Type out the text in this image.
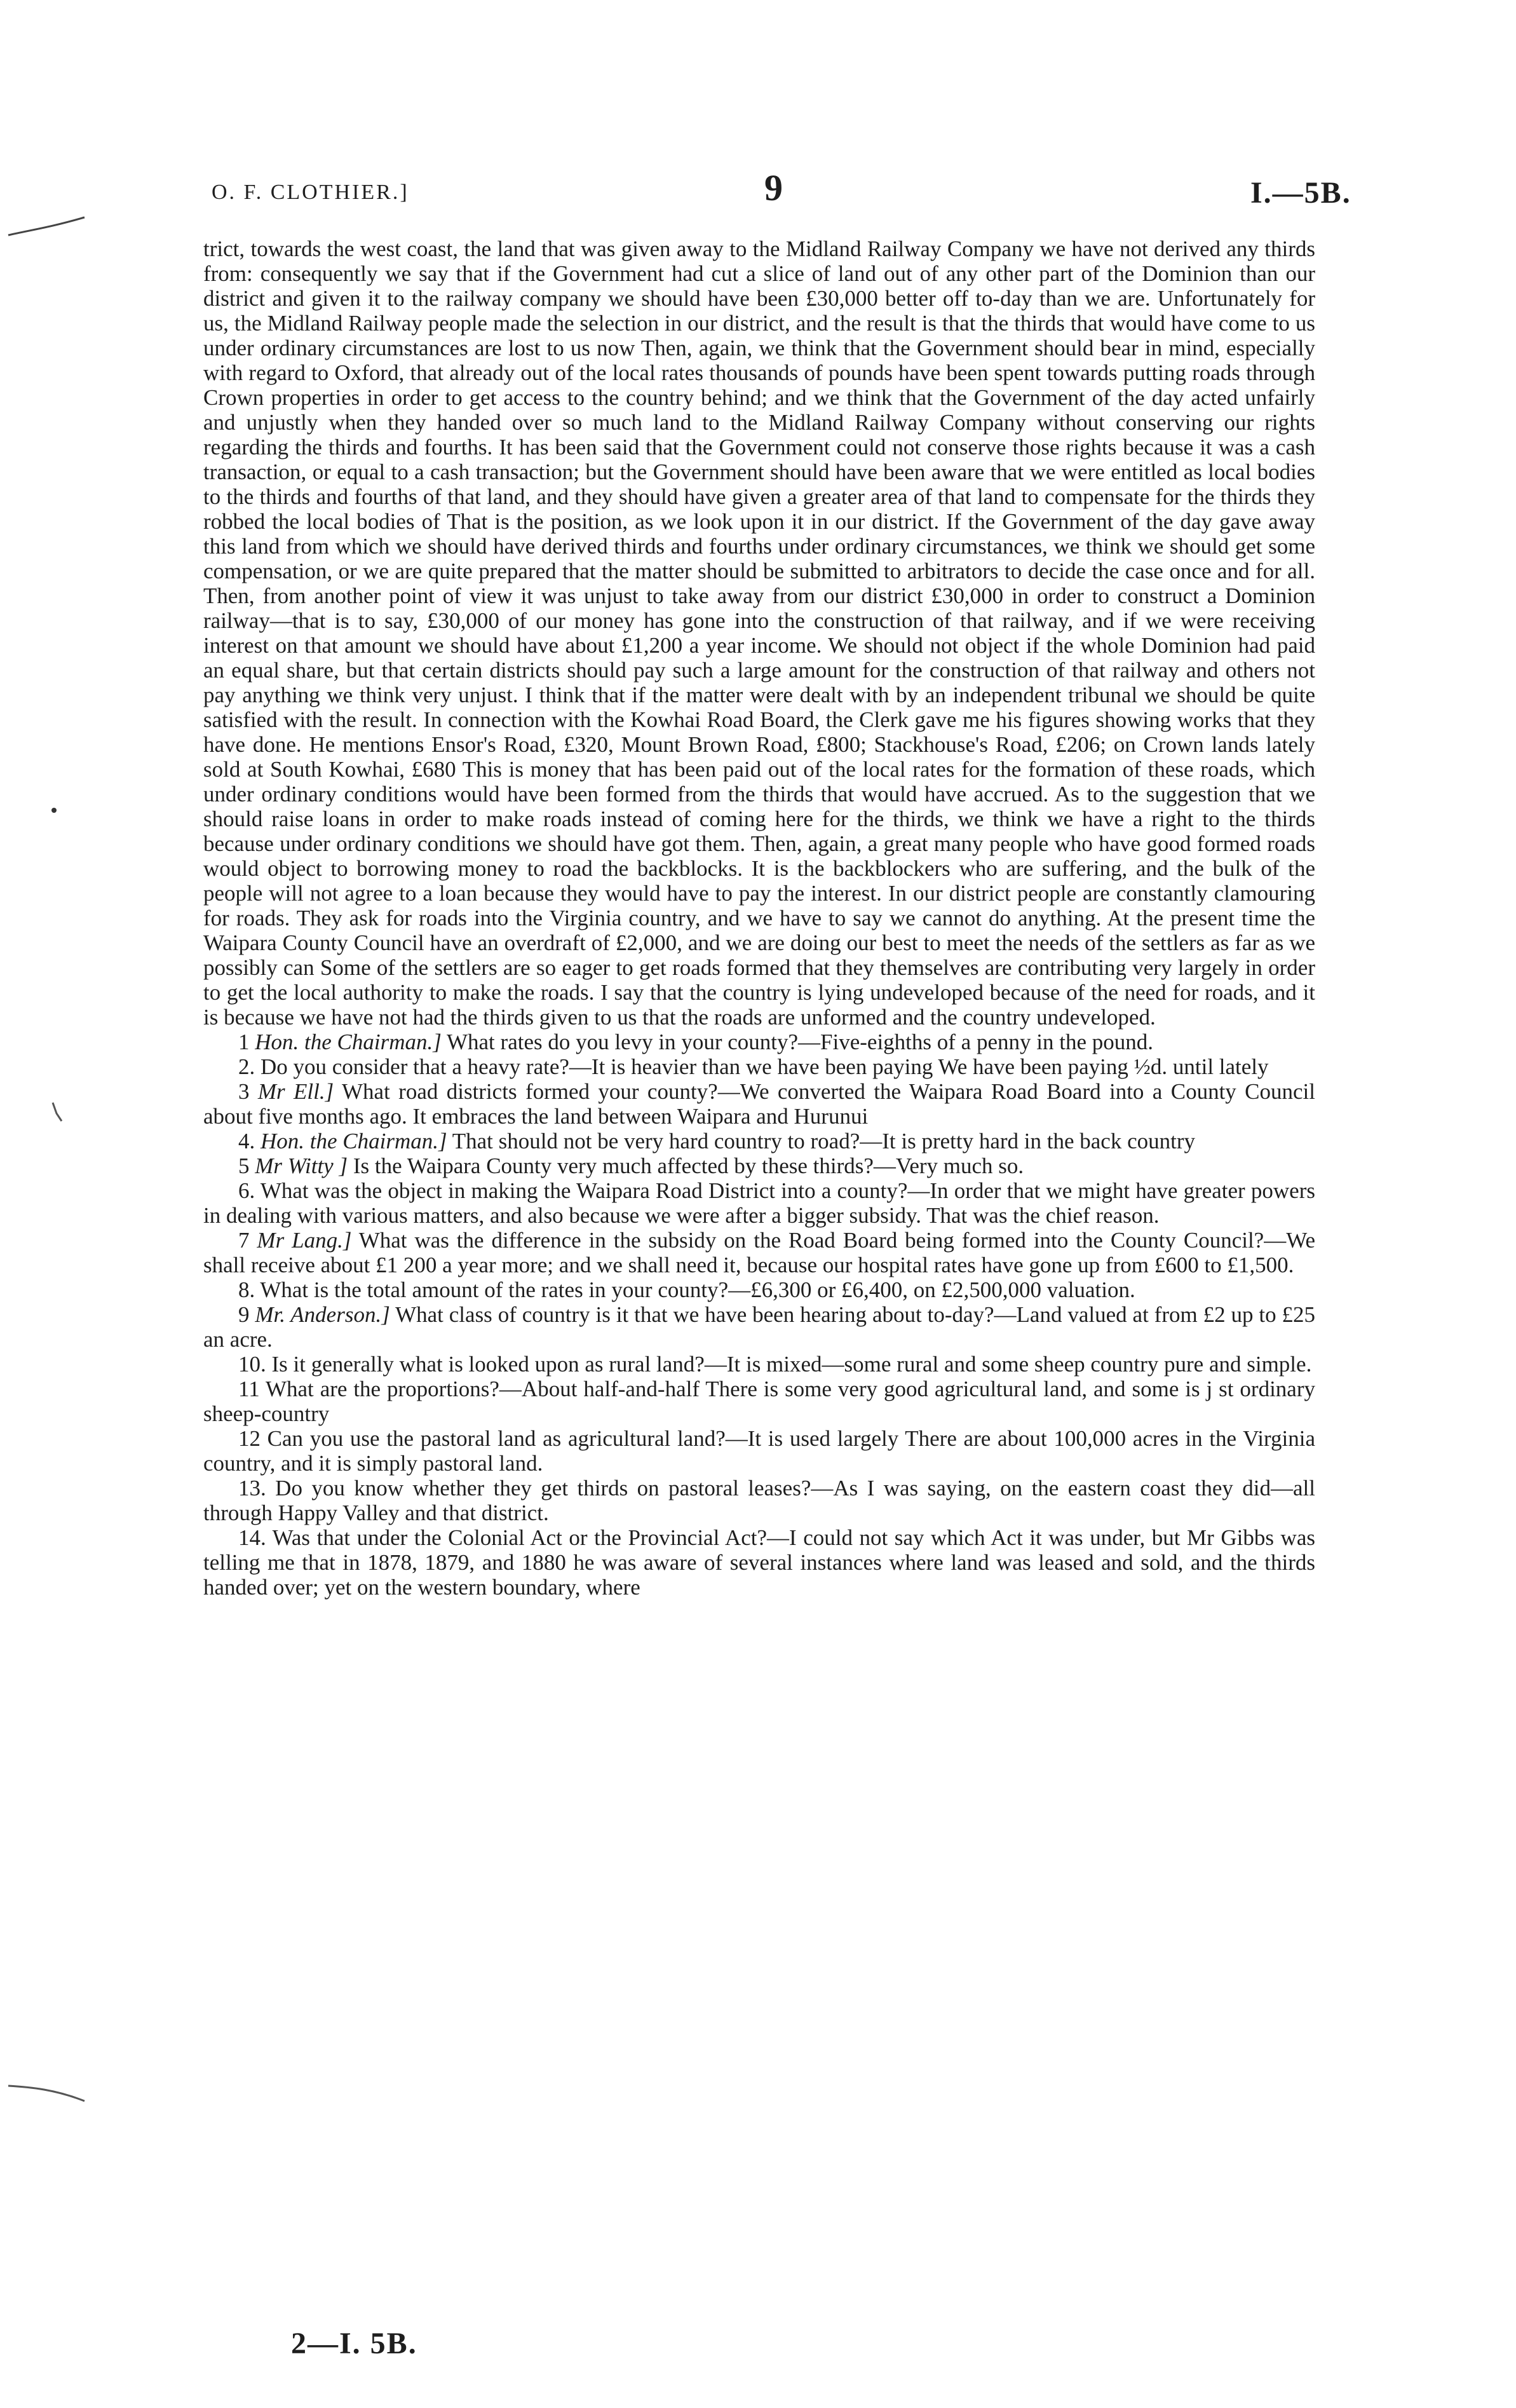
O. F. CLOTHIER.]	9	I.—5B.

trict, towards the west coast, the land that was given away to the Midland Railway Company we have not derived any thirds from: consequently we say that if the Government had cut a slice of land out of any other part of the Dominion than our district and given it to the railway company we should have been £30,000 better off to-day than we are. Unfortunately for us, the Midland Railway people made the selection in our district, and the result is that the thirds that would have come to us under ordinary circumstances are lost to us now Then, again, we think that the Government should bear in mind, especially with regard to Oxford, that already out of the local rates thousands of pounds have been spent towards putting roads through Crown properties in order to get access to the country behind; and we think that the Government of the day acted unfairly and unjustly when they handed over so much land to the Midland Railway Company without conserving our rights regarding the thirds and fourths. It has been said that the Government could not conserve those rights because it was a cash transaction, or equal to a cash transaction; but the Government should have been aware that we were entitled as local bodies to the thirds and fourths of that land, and they should have given a greater area of that land to compensate for the thirds they robbed the local bodies of That is the position, as we look upon it in our district. If the Government of the day gave away this land from which we should have derived thirds and fourths under ordinary circumstances, we think we should get some compensation, or we are quite prepared that the matter should be submitted to arbitrators to decide the case once and for all. Then, from another point of view it was unjust to take away from our district £30,000 in order to construct a Dominion railway—that is to say, £30,000 of our money has gone into the construction of that railway, and if we were receiving interest on that amount we should have about £1,200 a year income. We should not object if the whole Dominion had paid an equal share, but that certain districts should pay such a large amount for the construction of that railway and others not pay anything we think very unjust. I think that if the matter were dealt with by an independent tribunal we should be quite satisfied with the result. In connection with the Kowhai Road Board, the Clerk gave me his figures showing works that they have done. He mentions Ensor's Road, £320, Mount Brown Road, £800; Stackhouse's Road, £206; on Crown lands lately sold at South Kowhai, £680 This is money that has been paid out of the local rates for the formation of these roads, which under ordinary conditions would have been formed from the thirds that would have accrued. As to the suggestion that we should raise loans in order to make roads instead of coming here for the thirds, we think we have a right to the thirds because under ordinary conditions we should have got them. Then, again, a great many people who have good formed roads would object to borrowing money to road the backblocks. It is the backblockers who are suffering, and the bulk of the people will not agree to a loan because they would have to pay the interest. In our district people are constantly clamouring for roads. They ask for roads into the Virginia country, and we have to say we cannot do anything. At the present time the Waipara County Council have an overdraft of £2,000, and we are doing our best to meet the needs of the settlers as far as we possibly can Some of the settlers are so eager to get roads formed that they themselves are contributing very largely in order to get the local authority to make the roads. I say that the country is lying undeveloped because of the need for roads, and it is because we have not had the thirds given to us that the roads are unformed and the country undeveloped.

1 Hon. the Chairman.] What rates do you levy in your county?—Five-eighths of a penny in the pound.

2. Do you consider that a heavy rate?—It is heavier than we have been paying We have been paying ½d. until lately

3 Mr Ell.] What road districts formed your county?—We converted the Waipara Road Board into a County Council about five months ago. It embraces the land between Waipara and Hurunui

4. Hon. the Chairman.] That should not be very hard country to road?—It is pretty hard in the back country

5 Mr Witty ] Is the Waipara County very much affected by these thirds?—Very much so.

6. What was the object in making the Waipara Road District into a county?—In order that we might have greater powers in dealing with various matters, and also because we were after a bigger subsidy. That was the chief reason.

7 Mr Lang.] What was the difference in the subsidy on the Road Board being formed into the County Council?—We shall receive about £1 200 a year more; and we shall need it, because our hospital rates have gone up from £600 to £1,500.

8. What is the total amount of the rates in your county?—£6,300 or £6,400, on £2,500,000 valuation.

9 Mr. Anderson.] What class of country is it that we have been hearing about to-day?—Land valued at from £2 up to £25 an acre.

10. Is it generally what is looked upon as rural land?—It is mixed—some rural and some sheep country pure and simple.

11 What are the proportions?—About half-and-half There is some very good agricultural land, and some is j st ordinary sheep-country

12 Can you use the pastoral land as agricultural land?—It is used largely There are about 100,000 acres in the Virginia country, and it is simply pastoral land.

13. Do you know whether they get thirds on pastoral leases?—As I was saying, on the eastern coast they did—all through Happy Valley and that district.

14. Was that under the Colonial Act or the Provincial Act?—I could not say which Act it was under, but Mr Gibbs was telling me that in 1878, 1879, and 1880 he was aware of several instances where land was leased and sold, and the thirds handed over; yet on the western boundary, where

2—I. 5B.
